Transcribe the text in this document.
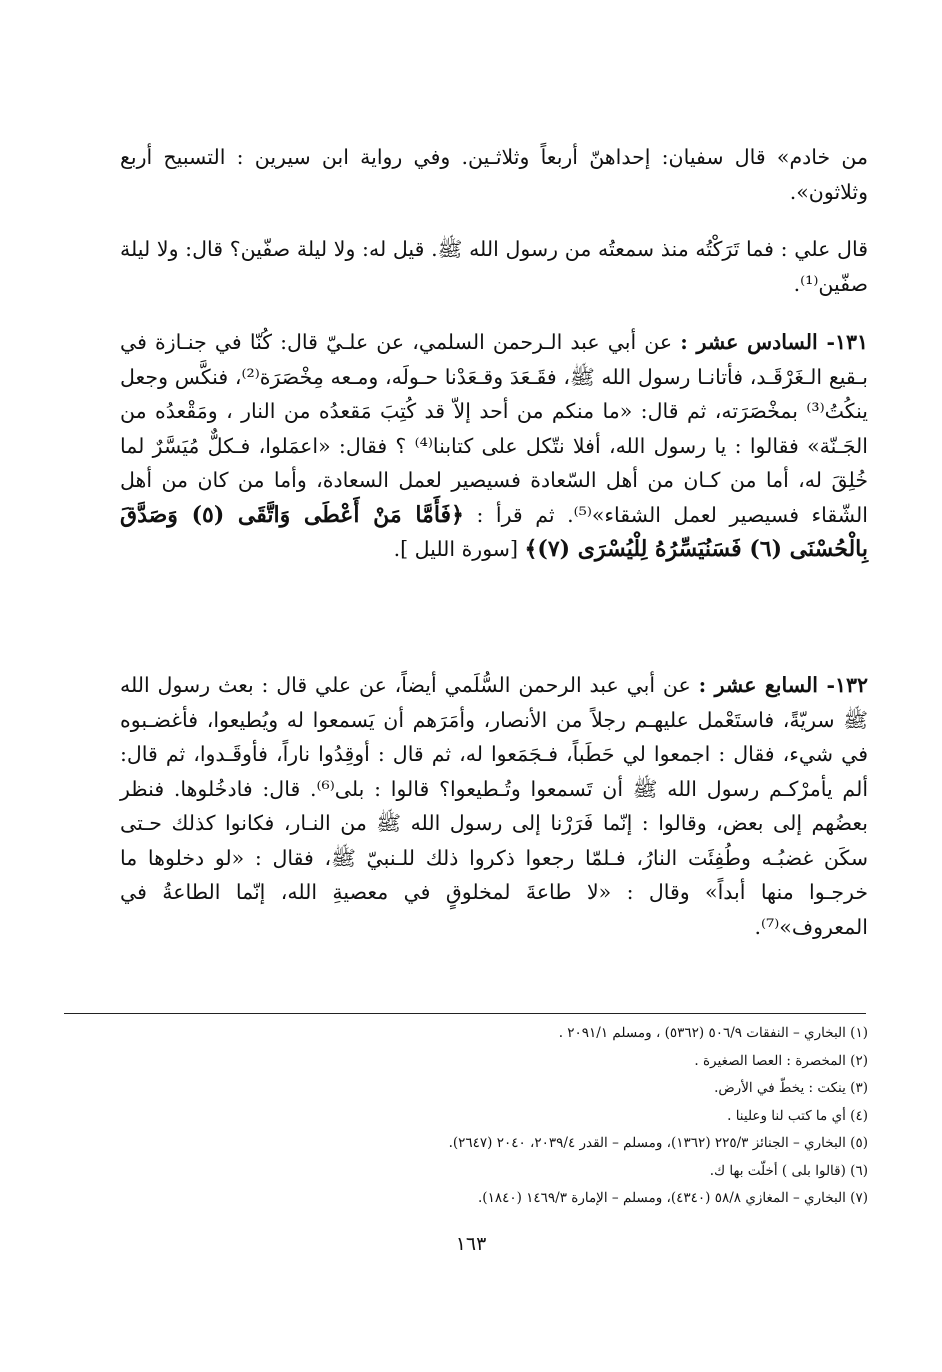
من خادم» قال سفيان: إحداهنّ أربعاً وثلاثـين. وفي رواية ابن سيرين : التسبيح أربع وثلاثون».
قال علي : فما تَرَكْتُه منذ سمعتُه من رسول الله ﷺ. قيل له: ولا ليلة صفّين؟ قال: ولا ليلة صفّين⁽¹⁾.
١٣١- السادس عشر : عن أبي عبد الـرحمن السلمي، عن علـيّ قال: كُنّا في جنـازة في بـقيع الـغَرْقَـد، فأتانـا رسول الله ﷺ، فقَـعَدَ وقـعَدْنا حـولَه، ومـعه مِخْصَرَة⁽²⁾، فنكَّس وجعل ينكُتُ⁽³⁾ بمخْصَرَته، ثم قال: «ما منكم من أحد إلاّ قد كُتِبَ مَقعدُه من النار ، ومَقْعدُه من الجَـنّة» فقالوا : يا رسول الله، أفلا نتّكل على كتابنا⁽⁴⁾ ؟ فقال: «اعمَلوا، فـكلٌّ مُيَسَّرٌ لما خُلِقَ له، أما من كـان من أهل السّعادة فسيصير لعمل السعادة، وأما من كان من أهل الشّقاء فسيصير لعمل الشقاء»⁽⁵⁾. ثم قرأ : ﴿فَأَمَّا مَنْ أَعْطَى وَاتَّقَى (٥) وَصَدَّقَ بِالْحُسْنَى (٦) فَسَنُيَسِّرُهُ لِلْيُسْرَى (٧)﴾ [سورة الليل ].
١٣٢- السابع عشر : عن أبي عبد الرحمن السُّلَمي أيضاً، عن علي قال : بعث رسول الله ﷺ سريّةً، فاستَعْمل عليهـم رجلاً من الأنصار، وأمَرَهم أن يَسمعوا له ويُطيعوا، فأغضـبوه في شيء، فقال : اجمعوا لي حَطَباً، فـجَمَعوا له، ثم قال : أوقِدُوا ناراً، فأوقَـدوا، ثم قال: ألم يأمرْكـم رسول الله ﷺ أن تَسمعوا وتُـطيعوا؟ قالوا : بلى⁽⁶⁾. قال: فادخُلوها. فنظر بعضُهم إلى بعض، وقالوا : إنّما فَرَرْنا إلى رسول الله ﷺ من النـار، فكانوا كذلك حـتى سكَن غضبُـه وطُفِئَت النارُ، فـلمّا رجعوا ذكروا ذلك للـنبيّ ﷺ، فقال : «لو دخلوها ما خرجـوا منها أبداً» وقال : «لا طاعةَ لمخلوقٍ في معصيةِ الله، إنّما الطاعةُ في المعروف»⁽⁷⁾.
(١) البخاري – النفقات ٥٠٦/٩ (٥٣٦٢) ، ومسلم ٢٠٩١/١ .
(٢) المخصرة : العصا الصغيرة .
(٣) ينكت : يخطّ في الأرض.
(٤) أي ما كتب لنا وعلينا .
(٥) البخاري – الجنائز ٢٢٥/٣ (١٣٦٢)، ومسلم – القدر ٢٠٣٩/٤، ٢٠٤٠ (٢٦٤٧).
(٦) (قالوا بلى ) أخلّت بها ك.
(٧) البخاري – المغازي ٥٨/٨ (٤٣٤٠)، ومسلم – الإمارة ١٤٦٩/٣ (١٨٤٠).
١٦٣
